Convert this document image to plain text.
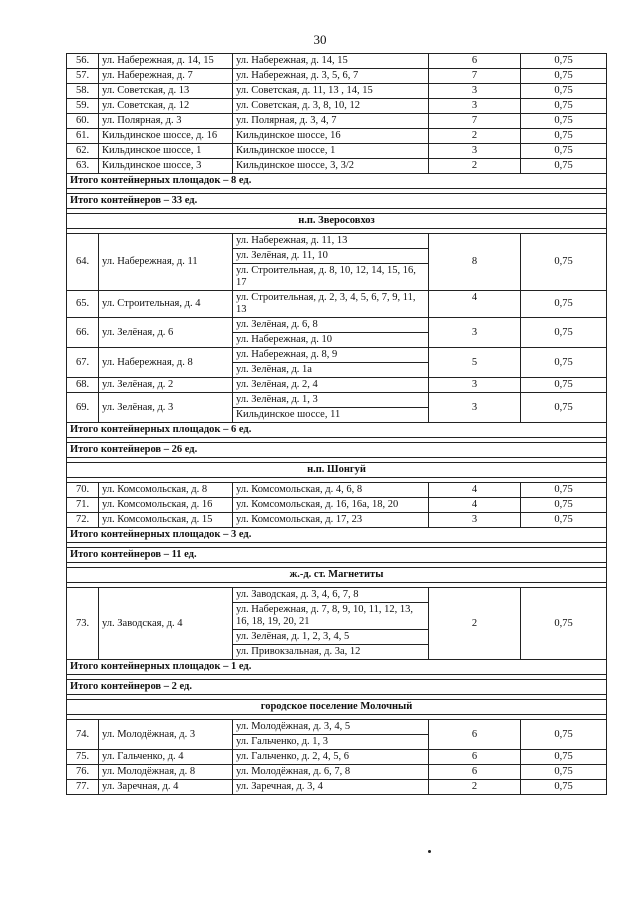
30
56.	ул. Набережная, д. 14, 15	ул. Набережная, д. 14, 15	6	0,75
57.	ул. Набережная, д. 7	ул. Набережная, д. 3, 5, 6, 7	7	0,75
58.	ул. Советская, д. 13	ул. Советская, д. 11, 13 , 14, 15	3	0,75
59.	ул. Советская, д. 12	ул. Советская, д. 3, 8, 10, 12	3	0,75
60.	ул. Полярная, д. 3	ул. Полярная, д. 3, 4, 7	7	0,75
61.	Кильдинское шоссе, д. 16	Кильдинское шоссе, 16	2	0,75
62.	Кильдинское шоссе, 1	Кильдинское шоссе, 1	3	0,75
63.	Кильдинское шоссе, 3	Кильдинское шоссе, 3, 3/2	2	0,75
Итого контейнерных площадок – 8 ед.				

Итого контейнеров – 33 ед.				

н.п. Зверосовхоз				

64.	ул. Набережная, д. 11	ул. Набережная, д. 11, 13	8	0,75
		ул. Зелёная, д. 11, 10		
		ул. Строительная, д. 8, 10, 12, 14, 15, 16, 17		
65.	ул. Строительная, д. 4	ул. Строительная, д. 2, 3, 4, 5, 6, 7, 9, 11, 13	4	0,75
66.	ул. Зелёная, д. 6	ул. Зелёная, д. 6, 8	3	0,75
		ул. Набережная, д. 10		
67.	ул. Набережная, д. 8	ул. Набережная, д. 8, 9	5	0,75
		ул. Зелёная, д. 1а		
68.	ул. Зелёная, д. 2	ул. Зелёная, д. 2, 4	3	0,75
69.	ул. Зелёная, д. 3	ул. Зелёная, д. 1, 3	3	0,75
		Кильдинское шоссе, 11		
Итого контейнерных площадок – 6 ед.				

Итого контейнеров – 26 ед.				

н.п. Шонгуй				

70.	ул. Комсомольская, д. 8	ул. Комсомольская, д. 4, 6, 8	4	0,75
71.	ул. Комсомольская, д. 16	ул. Комсомольская, д. 16, 16а, 18, 20	4	0,75
72.	ул. Комсомольская, д. 15	ул. Комсомольская, д. 17, 23	3	0,75
Итого контейнерных площадок – 3 ед.				

Итого контейнеров – 11 ед.				

ж.-д. ст. Магнетиты				

73.	ул. Заводская, д. 4	ул. Заводская, д. 3, 4, 6, 7, 8	2	0,75
		ул. Набережная, д. 7, 8, 9, 10, 11, 12, 13, 16, 18, 19, 20, 21		
		ул. Зелёная, д. 1, 2, 3, 4, 5		
		ул. Привокзальная, д. 3а, 12		
Итого контейнерных площадок – 1 ед.				

Итого контейнеров – 2 ед.				

городское поселение Молочный				

74.	ул. Молодёжная, д. 3	ул. Молодёжная, д. 3, 4, 5	6	0,75
		ул. Гальченко, д. 1, 3		
75.	ул. Гальченко, д. 4	ул. Гальченко, д. 2, 4, 5, 6	6	0,75
76.	ул. Молодёжная, д. 8	ул. Молодёжная, д. 6, 7, 8	6	0,75
77.	ул. Заречная, д. 4	ул. Заречная, д. 3, 4	2	0,75
